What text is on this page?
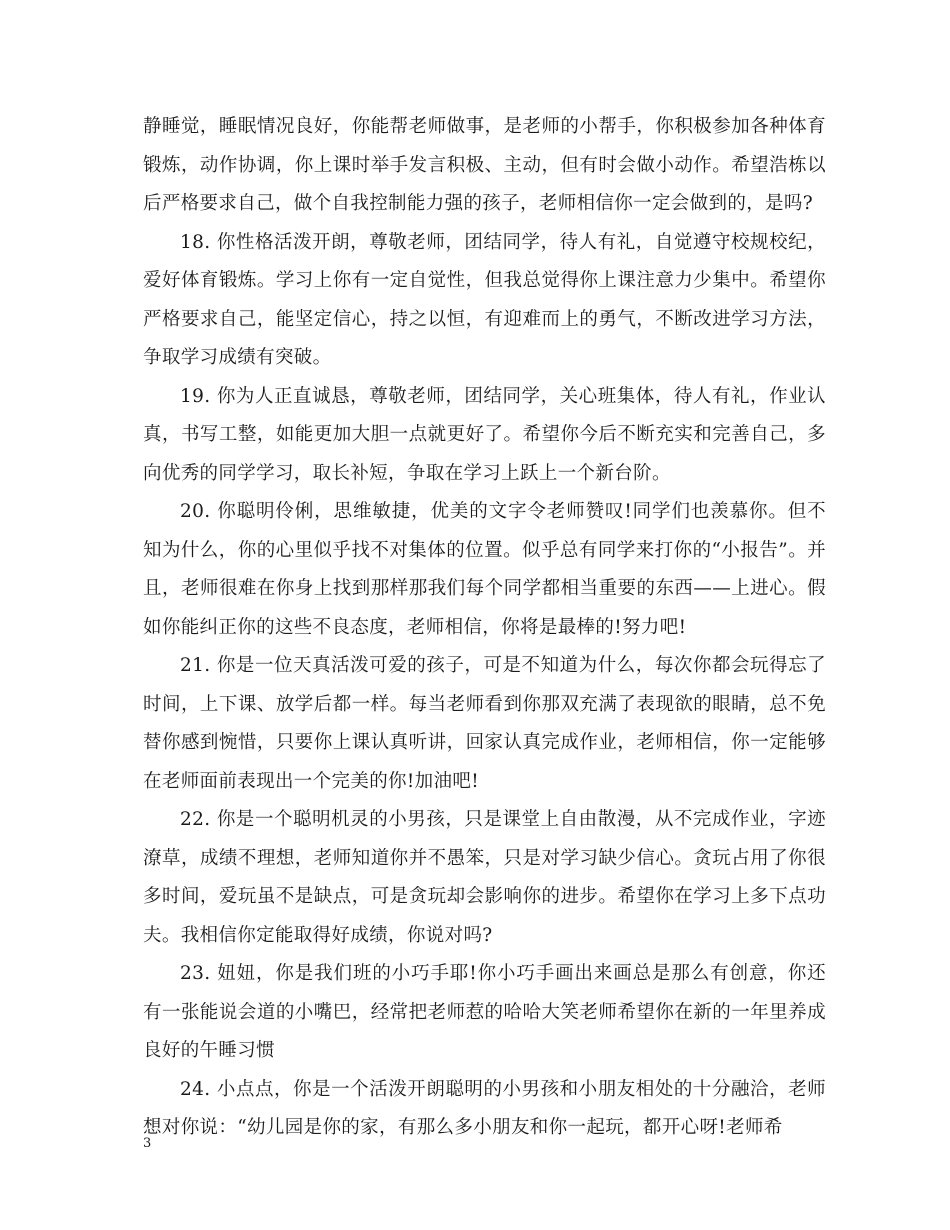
静睡觉，睡眠情况良好，你能帮老师做事，是老师的小帮手，你积极参加各种体育锻炼，动作协调，你上课时举手发言积极、主动，但有时会做小动作。希望浩栋以后严格要求自己，做个自我控制能力强的孩子，老师相信你一定会做到的，是吗?

18. 你性格活泼开朗，尊敬老师，团结同学，待人有礼，自觉遵守校规校纪，爱好体育锻炼。学习上你有一定自觉性，但我总觉得你上课注意力少集中。希望你严格要求自己，能坚定信心，持之以恒，有迎难而上的勇气，不断改进学习方法，争取学习成绩有突破。

19. 你为人正直诚恳，尊敬老师，团结同学，关心班集体，待人有礼，作业认真，书写工整，如能更加大胆一点就更好了。希望你今后不断充实和完善自己，多向优秀的同学学习，取长补短，争取在学习上跃上一个新台阶。

20. 你聪明伶俐，思维敏捷，优美的文字令老师赞叹!同学们也羡慕你。但不知为什么，你的心里似乎找不对集体的位置。似乎总有同学来打你的“小报告”。并且，老师很难在你身上找到那样那我们每个同学都相当重要的东西——上进心。假如你能纠正你的这些不良态度，老师相信，你将是最棒的!努力吧!

21. 你是一位天真活泼可爱的孩子，可是不知道为什么，每次你都会玩得忘了时间，上下课、放学后都一样。每当老师看到你那双充满了表现欲的眼睛，总不免替你感到惋惜，只要你上课认真听讲，回家认真完成作业，老师相信，你一定能够在老师面前表现出一个完美的你!加油吧!

22. 你是一个聪明机灵的小男孩，只是课堂上自由散漫，从不完成作业，字迹潦草，成绩不理想，老师知道你并不愚笨，只是对学习缺少信心。贪玩占用了你很多时间，爱玩虽不是缺点，可是贪玩却会影响你的进步。希望你在学习上多下点功夫。我相信你定能取得好成绩，你说对吗?

23. 妞妞，你是我们班的小巧手耶!你小巧手画出来画总是那么有创意，你还有一张能说会道的小嘴巴，经常把老师惹的哈哈大笑老师希望你在新的一年里养成良好的午睡习惯

24. 小点点，你是一个活泼开朗聪明的小男孩和小朋友相处的十分融洽，老师想对你说：“幼儿园是你的家，有那么多小朋友和你一起玩，都开心呀!老师希

3
